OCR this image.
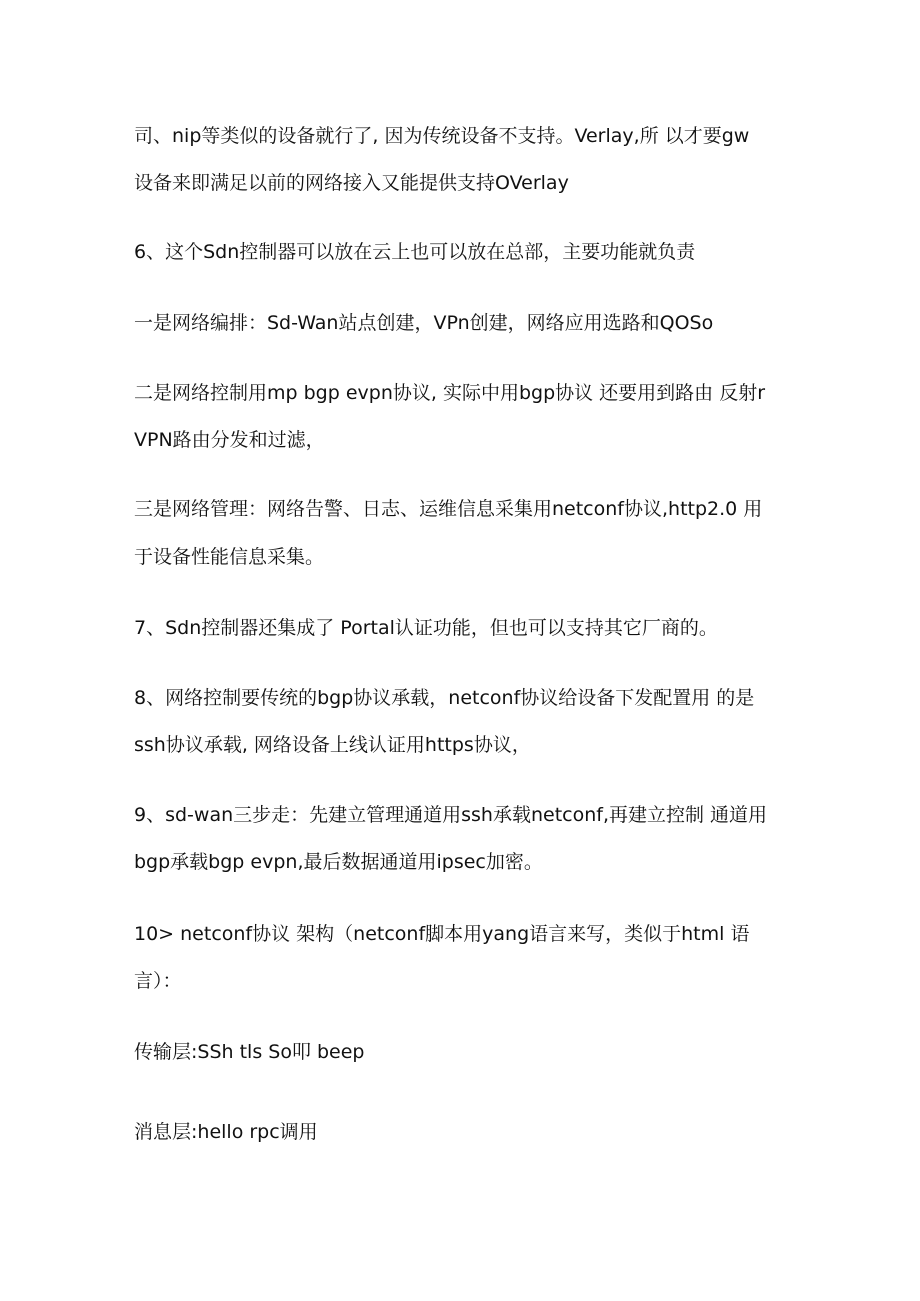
司、nip等类似的设备就行了, 因为传统设备不支持。Verlay,所 以才要gw
设备来即满足以前的网络接入又能提供支持OVerlay
6、这个Sdn控制器可以放在云上也可以放在总部，主要功能就负责
一是网络编排：Sd-Wan站点创建，VPn创建，网络应用选路和QOSo
二是网络控制用mp bgp evpn协议, 实际中用bgp协议 还要用到路由 反射r
VPN路由分发和过滤，
三是网络管理：网络告警、日志、运维信息采集用netconf协议,http2.0 用
于设备性能信息采集。
7、Sdn控制器还集成了 Portal认证功能，但也可以支持其它厂商的。
8、网络控制要传统的bgp协议承载，netconf协议给设备下发配置用 的是
ssh协议承载, 网络设备上线认证用https协议，
9、sd-wan三步走：先建立管理通道用ssh承载netconf,再建立控制 通道用
bgp承载bgp evpn,最后数据通道用ipsec加密。
10> netconf协议 架构（netconf脚本用yang语言来写，类似于html 语
言）：
传输层:SSh tls So叩 beep
消息层:hello rpc调用
